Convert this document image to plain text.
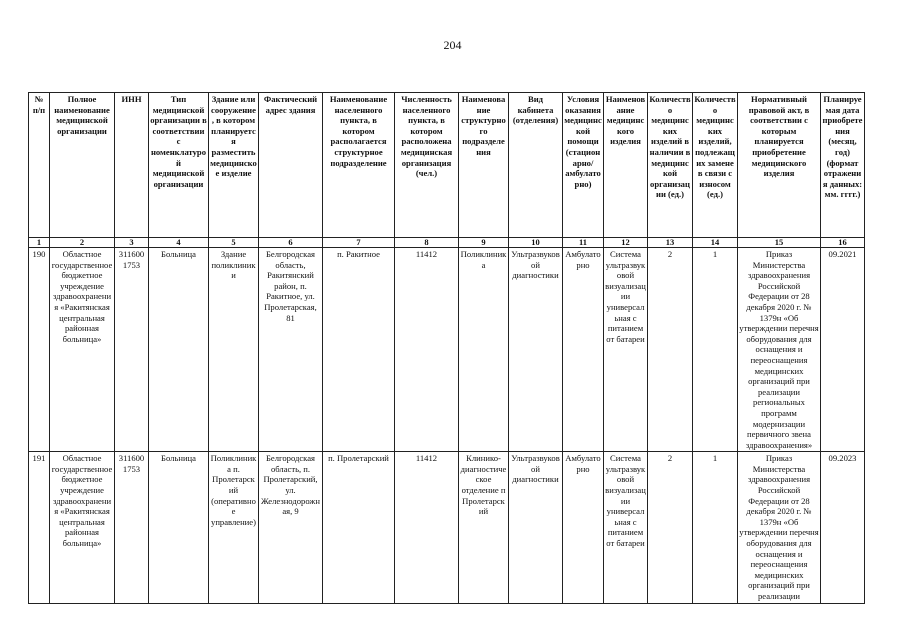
204
№ п/п	Полное наименование медицинской организации	ИНН	Тип медицинской организации в соответствии с номенклатурой медицинской организации	Здание или сооружение, в котором планируется разместить медицинское изделие	Фактический адрес здания	Наименование населенного пункта, в котором располагается структурное подразделение	Численность населенного пункта, в котором расположена медицинская организация (чел.)	Наименование структурного подразделения	Вид кабинета (отделения)	Условия оказания медицинской помощи (стационарно/ амбулаторно)	Наименование медицинского изделия	Количество медицинских изделий в наличии в медицинской организации (ед.)	Количество медицинских изделий, подлежащих замене в связи с износом (ед.)	Нормативный правовой акт, в соответствии с которым планируется приобретение медицинского изделия	Планируемая дата приобретения (месяц, год) (формат отражения данных: мм. гггг.)
1	2	3	4	5	6	7	8	9	10	11	12	13	14	15	16
190	Областное государственное бюджетное учреждение здравоохранения «Ракитянская центральная районная больница»	311600 1753	Больница	Здание поликлиники	Белгородская область, Ракитянский район, п. Ракитное, ул. Пролетарская, 81	п. Ракитное	11412	Поликлиника	Ультразвуковой диагностики	Амбулаторно	Система ультразвуковой визуализации универсальная с питанием от батареи	2	1	Приказ Министерства здравоохранения Российской Федерации от 28 декабря 2020 г. № 1379н «Об утверждении перечня оборудования для оснащения и переоснащения медицинских организаций при реализации региональных программ модернизации первичного звена здравоохранения»	09.2021
191	Областное государственное бюджетное учреждение здравоохранения «Ракитянская центральная районная больница»	311600 1753	Больница	Поликлиника п. Пролетарский (оперативное управление)	Белгородская область, п. Пролетарский, ул. Железнодорожная, 9	п. Пролетарский	11412	Клинико-диагностическое отделение п Пролетарский	Ультразвуковой диагностики	Амбулаторно	Система ультразвуковой визуализации универсальная с питанием от батареи	2	1	Приказ Министерства здравоохранения Российской Федерации от 28 декабря 2020 г. № 1379н «Об утверждении перечня оборудования для оснащения и переоснащения медицинских организаций при реализации	09.2023
